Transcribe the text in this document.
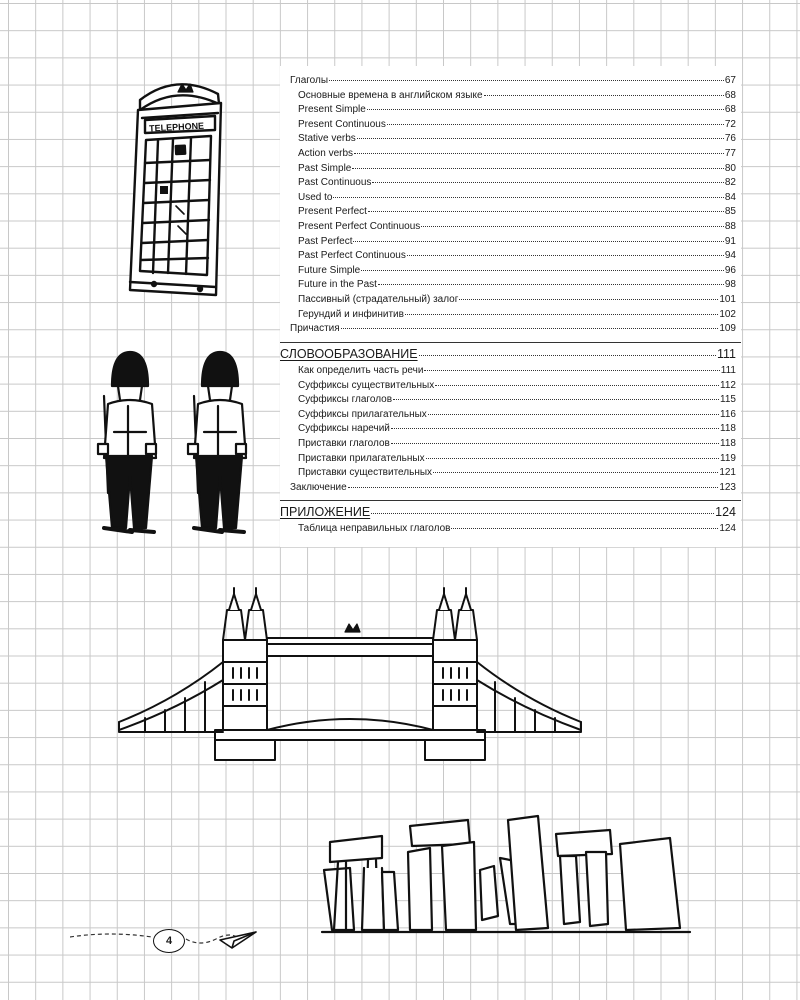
Глаголы	67
Основные времена в английском языке	68
Present Simple	68
Present Continuous	72
Stative verbs	76
Action verbs	77
Past Simple	80
Past Continuous	82
Used to	84
Present Perfect	85
Present Perfect Continuous	88
Past Perfect	91
Past Perfect Continuous	94
Future Simple	96
Future in the Past	98
Пассивный (страдательный) залог	101
Герундий и инфинитив	102
Причастия	109
СЛОВООБРАЗОВАНИЕ	111
Как определить часть речи	111
Суффиксы существительных	112
Суффиксы глаголов	115
Суффиксы прилагательных	116
Суффиксы наречий	118
Приставки глаголов	118
Приставки прилагательных	119
Приставки существительных	121
Заключение	123
ПРИЛОЖЕНИЕ	124
Таблица неправильных глаголов	124
TELEPHONE
4
